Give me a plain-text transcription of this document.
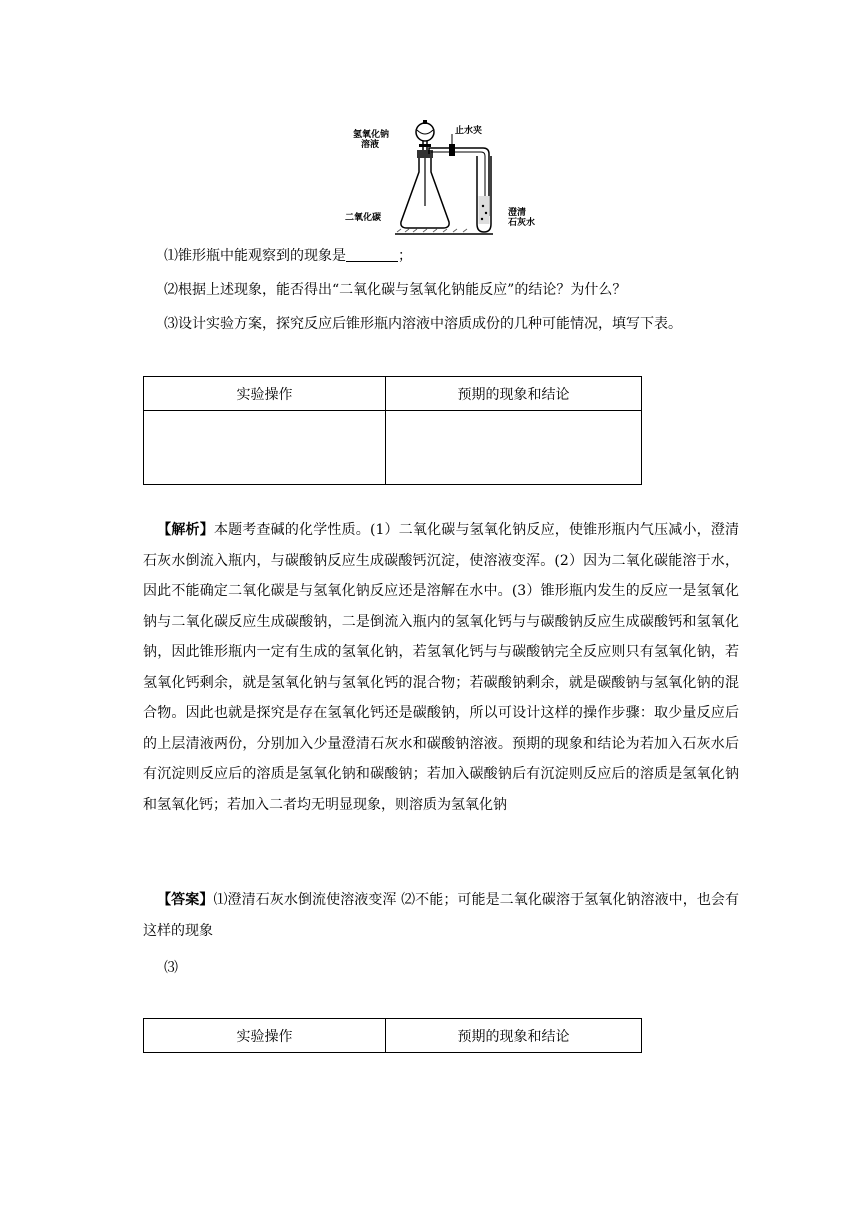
氢氧化钠
溶液
止水夹
二氧化碳	澄清
石灰水
⑴锥形瓶中能观察到的现象是	；
⑵根据上述现象，能否得出“二氧化碳与氢氧化钠能反应”的结论？为什么？
⑶设计实验方案，探究反应后锥形瓶内溶液中溶质成份的几种可能情况，填写下表。
实验操作	预期的现象和结论

【解析】本题考查碱的化学性质。(1）二氧化碳与氢氧化钠反应，使锥形瓶内气压减小，澄清石灰水倒流入瓶内，与碳酸钠反应生成碳酸钙沉淀，使溶液变浑。(2）因为二氧化碳能溶于水，因此不能确定二氧化碳是与氢氧化钠反应还是溶解在水中。(3）锥形瓶内发生的反应一是氢氧化钠与二氧化碳反应生成碳酸钠，二是倒流入瓶内的氢氧化钙与与碳酸钠反应生成碳酸钙和氢氧化钠，因此锥形瓶内一定有生成的氢氧化钠，若氢氧化钙与与碳酸钠完全反应则只有氢氧化钠，若氢氧化钙剩余，就是氢氧化钠与氢氧化钙的混合物；若碳酸钠剩余，就是碳酸钠与氢氧化钠的混合物。因此也就是探究是存在氢氧化钙还是碳酸钠，所以可设计这样的操作步骤：取少量反应后的上层清液两份，分别加入少量澄清石灰水和碳酸钠溶液。预期的现象和结论为若加入石灰水后有沉淀则反应后的溶质是氢氧化钠和碳酸钠；若加入碳酸钠后有沉淀则反应后的溶质是氢氧化钠和氢氧化钙；若加入二者均无明显现象，则溶质为氢氧化钠
【答案】⑴澄清石灰水倒流使溶液变浑 ⑵不能；可能是二氧化碳溶于氢氧化钠溶液中，也会有这样的现象
⑶
实验操作	预期的现象和结论
